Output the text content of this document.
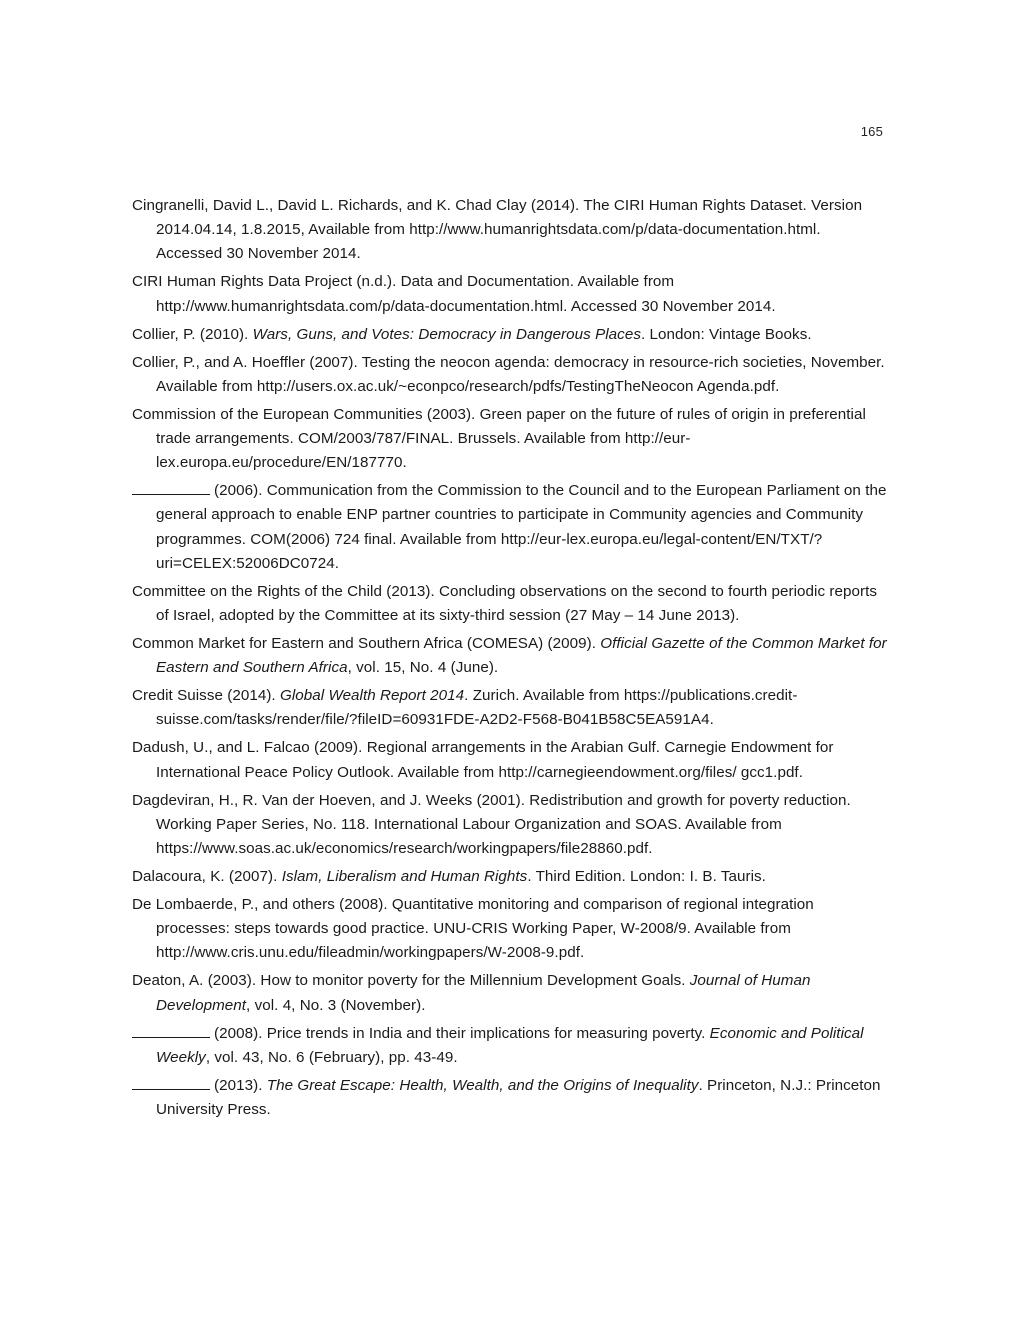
165

Cingranelli, David L., David L. Richards, and K. Chad Clay (2014). The CIRI Human Rights Dataset. Version 2014.04.14, 1.8.2015, Available from http://www.humanrightsdata.com/p/data-documentation.html. Accessed 30 November 2014.

CIRI Human Rights Data Project (n.d.). Data and Documentation. Available from http://www.humanrightsdata.com/p/data-documentation.html. Accessed 30 November 2014.

Collier, P. (2010). Wars, Guns, and Votes: Democracy in Dangerous Places. London: Vintage Books.

Collier, P., and A. Hoeffler (2007). Testing the neocon agenda: democracy in resource-rich societies, November. Available from http://users.ox.ac.uk/~econpco/research/pdfs/TestingTheNeocon Agenda.pdf.

Commission of the European Communities (2003). Green paper on the future of rules of origin in preferential trade arrangements. COM/2003/787/FINAL. Brussels. Available from http://eur-lex.europa.eu/procedure/EN/187770.

(2006). Communication from the Commission to the Council and to the European Parliament on the general approach to enable ENP partner countries to participate in Community agencies and Community programmes. COM(2006) 724 final. Available from http://eur-lex.europa.eu/legal-content/EN/TXT/?uri=CELEX:52006DC0724.

Committee on the Rights of the Child (2013). Concluding observations on the second to fourth periodic reports of Israel, adopted by the Committee at its sixty-third session (27 May – 14 June 2013).

Common Market for Eastern and Southern Africa (COMESA) (2009). Official Gazette of the Common Market for Eastern and Southern Africa, vol. 15, No. 4 (June).

Credit Suisse (2014). Global Wealth Report 2014. Zurich. Available from https://publications.credit-suisse.com/tasks/render/file/?fileID=60931FDE-A2D2-F568-B041B58C5EA591A4.

Dadush, U., and L. Falcao (2009). Regional arrangements in the Arabian Gulf. Carnegie Endowment for International Peace Policy Outlook. Available from http://carnegieendowment.org/files/ gcc1.pdf.

Dagdeviran, H., R. Van der Hoeven, and J. Weeks (2001). Redistribution and growth for poverty reduction. Working Paper Series, No. 118. International Labour Organization and SOAS. Available from https://www.soas.ac.uk/economics/research/workingpapers/file28860.pdf.

Dalacoura, K. (2007). Islam, Liberalism and Human Rights. Third Edition. London: I. B. Tauris.

De Lombaerde, P., and others (2008). Quantitative monitoring and comparison of regional integration processes: steps towards good practice. UNU-CRIS Working Paper, W-2008/9. Available from http://www.cris.unu.edu/fileadmin/workingpapers/W-2008-9.pdf.

Deaton, A. (2003). How to monitor poverty for the Millennium Development Goals. Journal of Human Development, vol. 4, No. 3 (November).

(2008). Price trends in India and their implications for measuring poverty. Economic and Political Weekly, vol. 43, No. 6 (February), pp. 43-49.

(2013). The Great Escape: Health, Wealth, and the Origins of Inequality. Princeton, N.J.: Princeton University Press.
